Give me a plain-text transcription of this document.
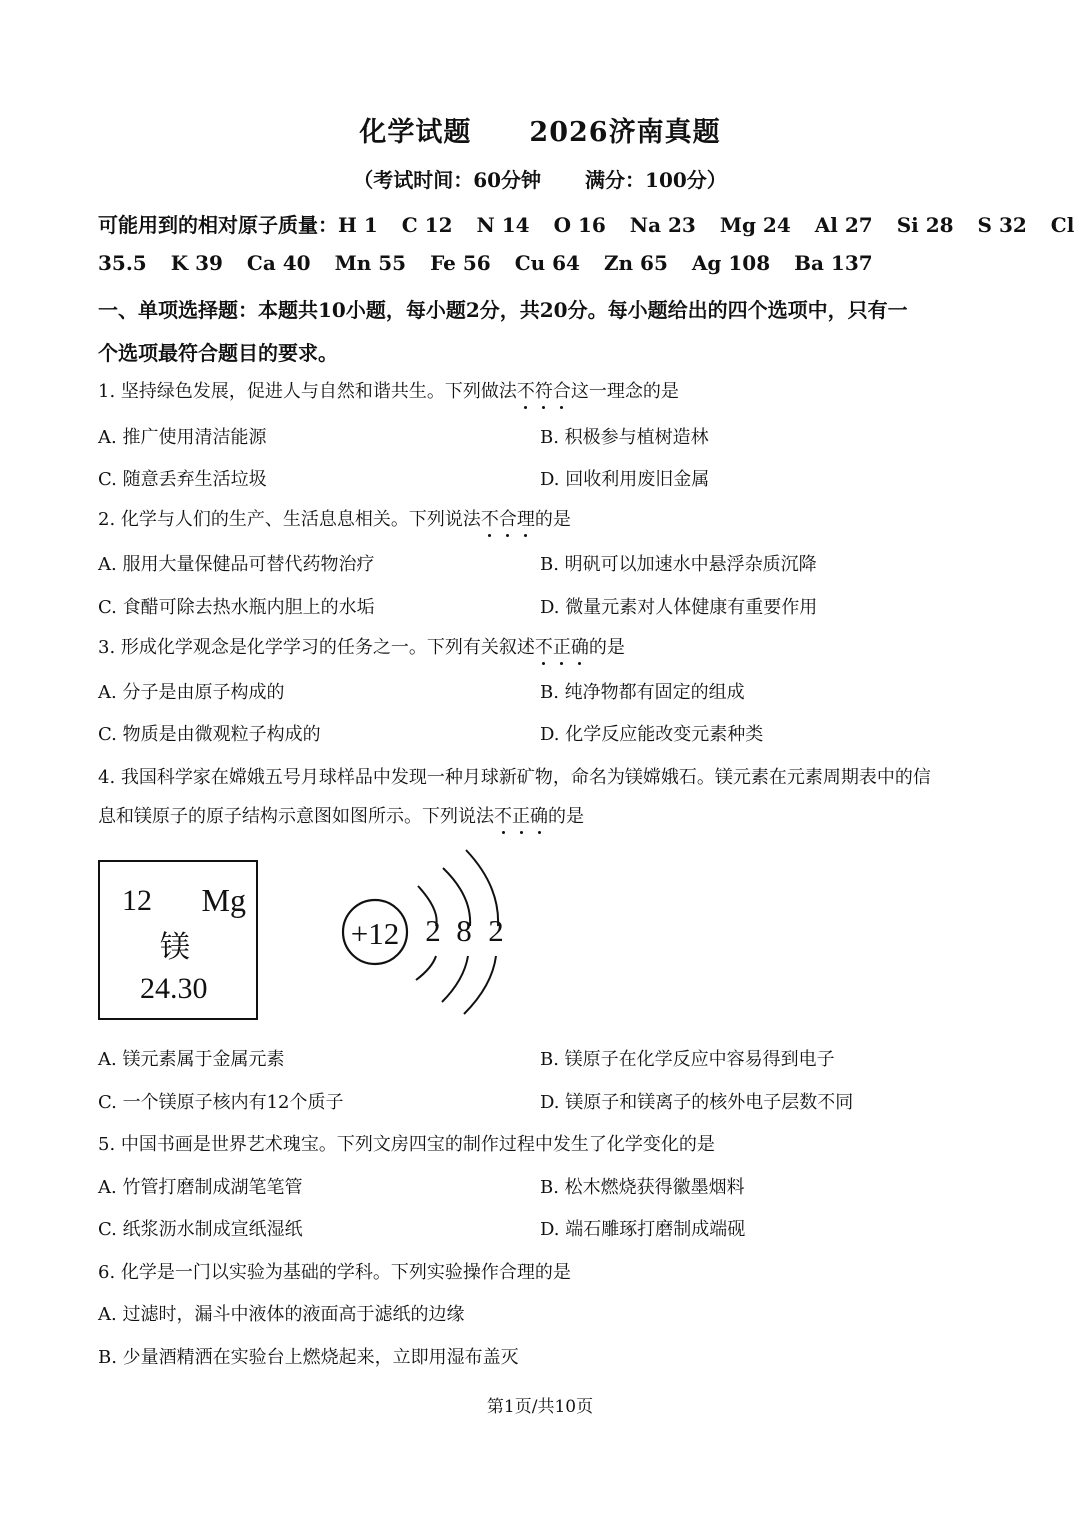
化学试题 2026济南真题
（考试时间：60分钟 满分：100分）
可能用到的相对原子质量：H 1 C 12 N 14 O 16 Na 23 Mg 24 Al 27 Si 28 S 32 Cl
35.5 K 39 Ca 40 Mn 55 Fe 56 Cu 64 Zn 65 Ag 108 Ba 137
一、单项选择题：本题共10小题，每小题2分，共20分。每小题给出的四个选项中，只有一
个选项最符合题目的要求。
1. 坚持绿色发展，促进人与自然和谐共生。下列做法不符合这一理念的是
A. 推广使用清洁能源	B. 积极参与植树造林
C. 随意丢弃生活垃圾	D. 回收利用废旧金属
2. 化学与人们的生产、生活息息相关。下列说法不合理的是
A. 服用大量保健品可替代药物治疗	B. 明矾可以加速水中悬浮杂质沉降
C. 食醋可除去热水瓶内胆上的水垢	D. 微量元素对人体健康有重要作用
3. 形成化学观念是化学学习的任务之一。下列有关叙述不正确的是
A. 分子是由原子构成的	B. 纯净物都有固定的组成
C. 物质是由微观粒子构成的	D. 化学反应能改变元素种类
4. 我国科学家在嫦娥五号月球样品中发现一种月球新矿物，命名为镁嫦娥石。镁元素在元素周期表中的信
息和镁原子的原子结构示意图如图所示。下列说法不正确的是
12 Mg
镁
24.30
+12 2 8 2
A. 镁元素属于金属元素	B. 镁原子在化学反应中容易得到电子
C. 一个镁原子核内有12个质子	D. 镁原子和镁离子的核外电子层数不同
5. 中国书画是世界艺术瑰宝。下列文房四宝的制作过程中发生了化学变化的是
A. 竹管打磨制成湖笔笔管	B. 松木燃烧获得徽墨烟料
C. 纸浆沥水制成宣纸湿纸	D. 端石雕琢打磨制成端砚
6. 化学是一门以实验为基础的学科。下列实验操作合理的是
A. 过滤时，漏斗中液体的液面高于滤纸的边缘
B. 少量酒精洒在实验台上燃烧起来，立即用湿布盖灭
第1页/共10页
